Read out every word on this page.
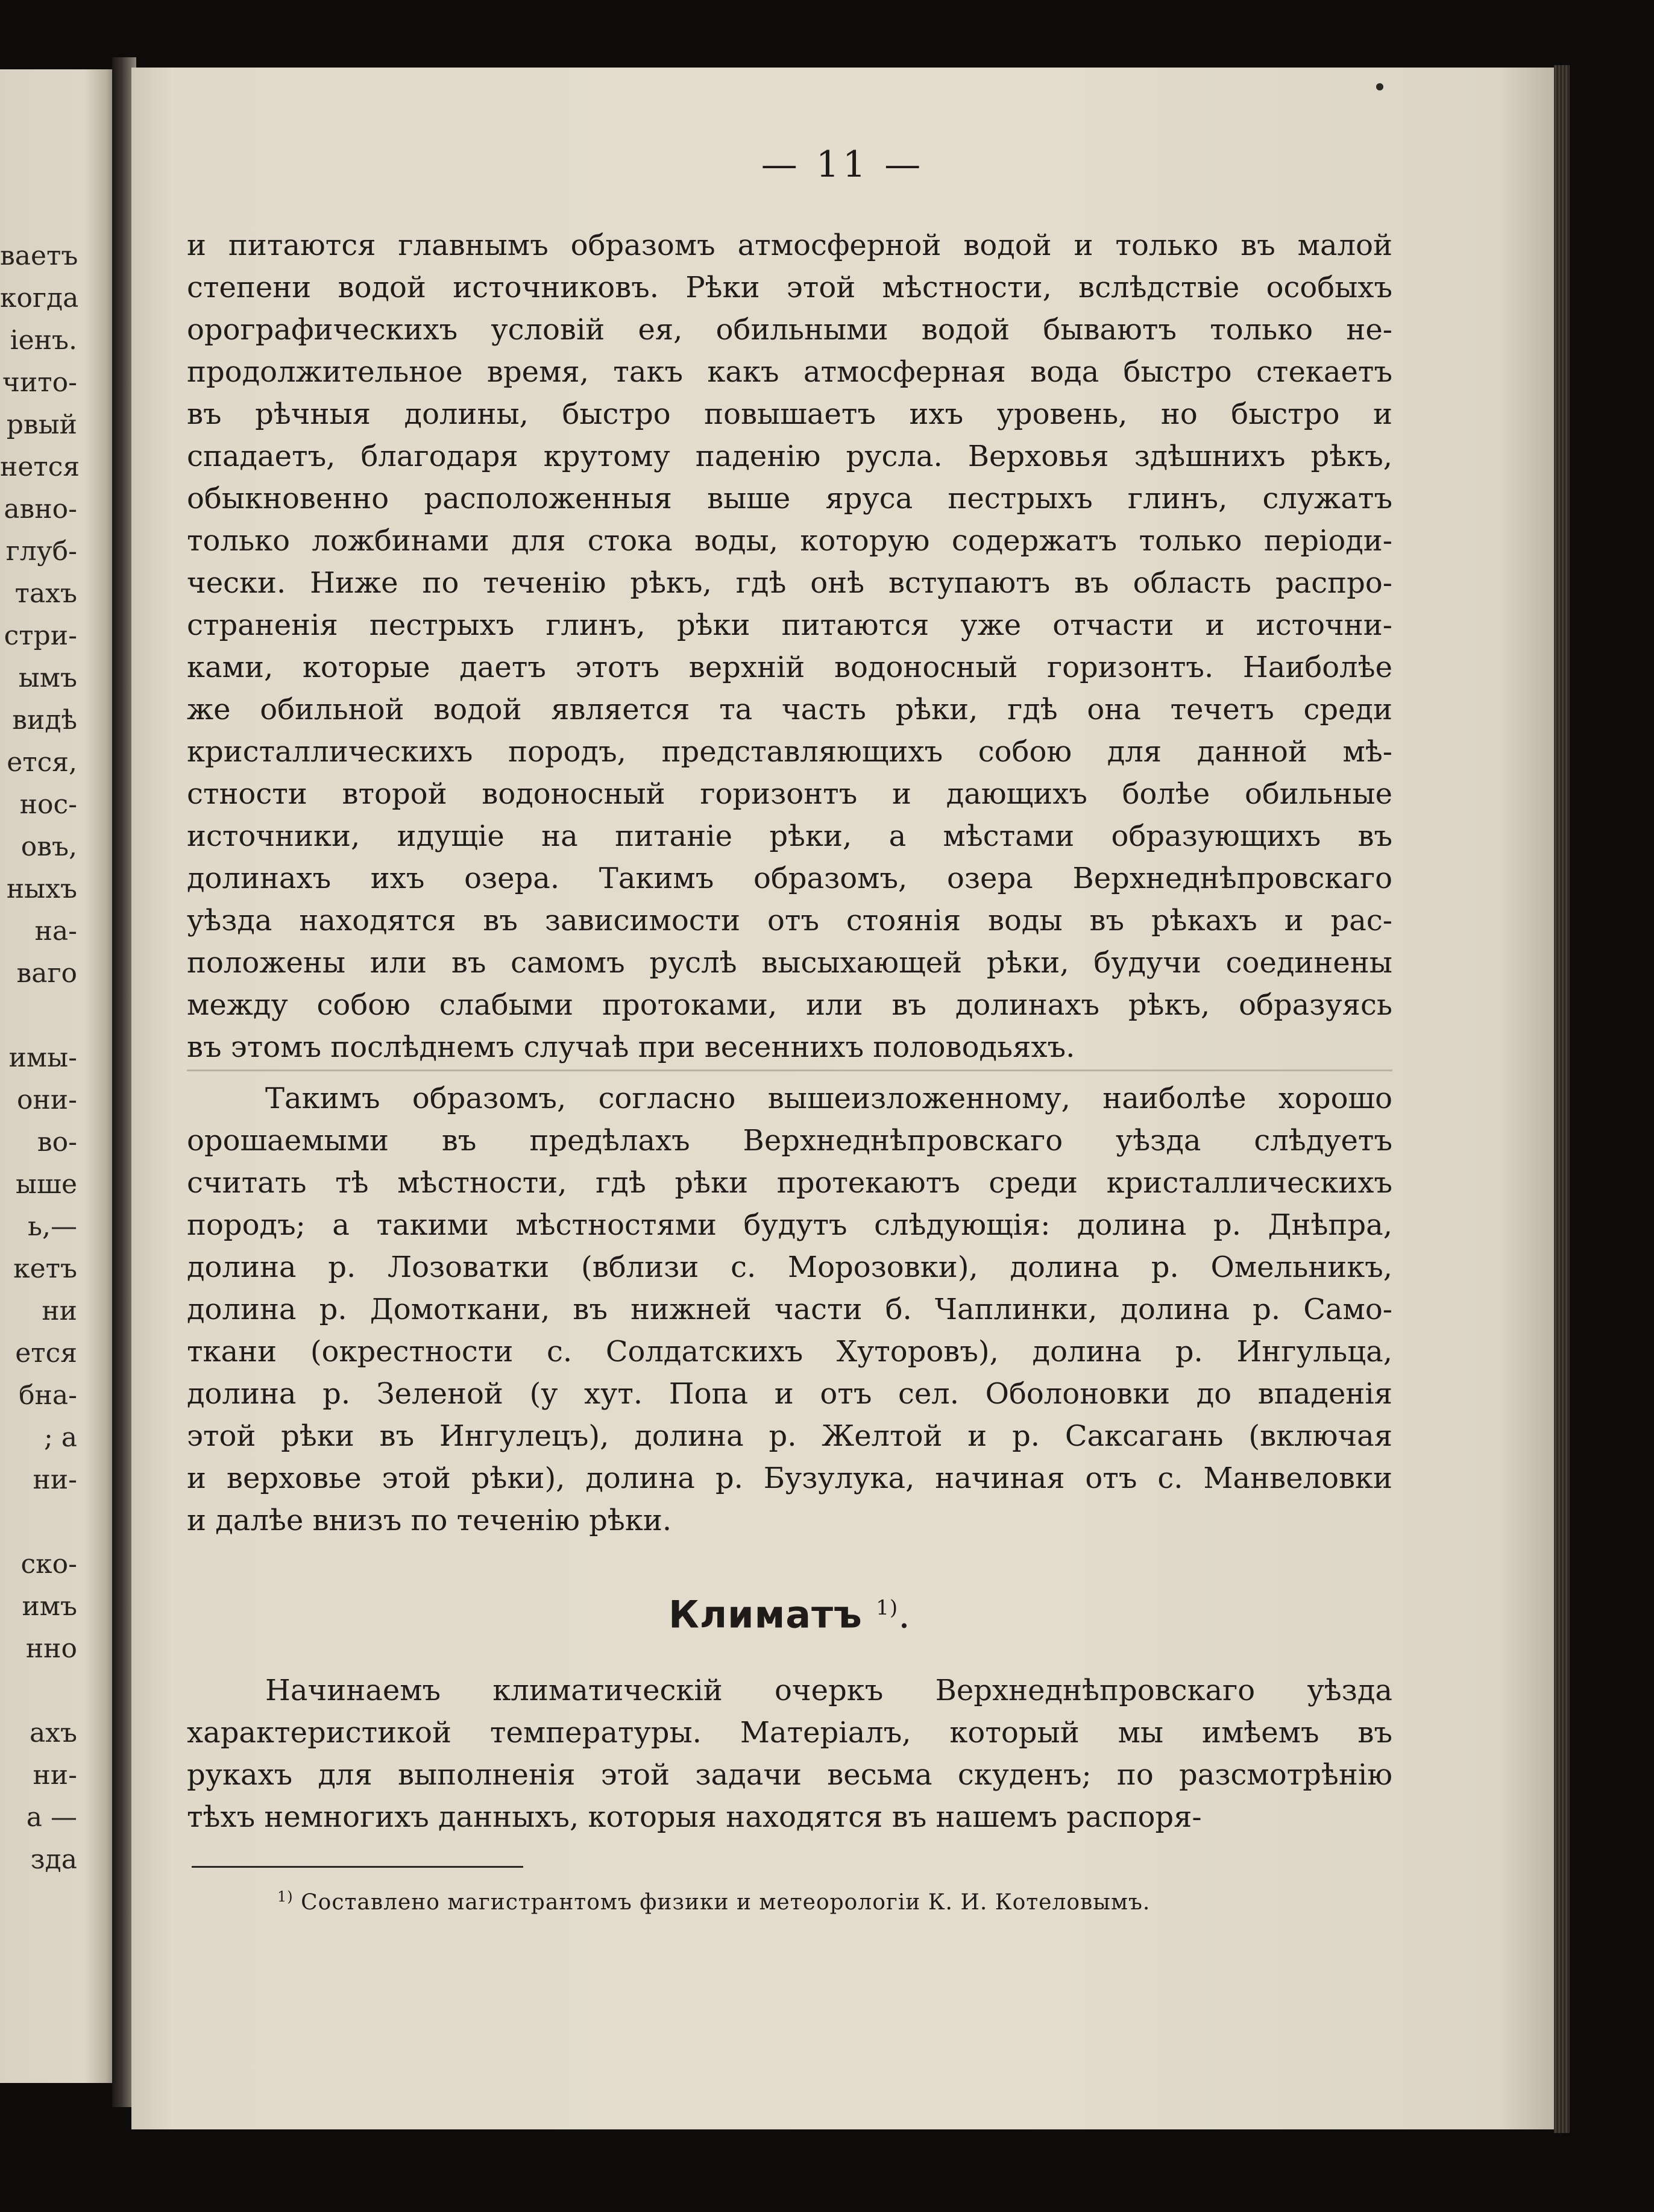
ваетъ
когда
іенъ.
чито-
рвый
нется
авно-
глуб-
тахъ
стри-
ымъ
видѣ
ется,
нос-
овъ,
ныхъ
на-
ваго
имы-
они-
во-
ыше
ь,—
кетъ
ни
ется
бна-
; а
ни-
ско-
имъ
нно
ахъ
ни-
а —
зда
— 11 —
и питаются главнымъ образомъ атмосферной водой и только въ малой
степени водой источниковъ. Рѣки этой мѣстности, вслѣдствіе особыхъ
орографическихъ условій ея, обильными водой бываютъ только не-
продолжительное время, такъ какъ атмосферная вода быстро стекаетъ
въ рѣчныя долины, быстро повышаетъ ихъ уровень, но быстро и
спадаетъ, благодаря крутому паденію русла. Верховья здѣшнихъ рѣкъ,
обыкновенно расположенныя выше яруса пестрыхъ глинъ, служатъ
только ложбинами для стока воды, которую содержатъ только періоди-
чески. Ниже по теченію рѣкъ, гдѣ онѣ вступаютъ въ область распро-
страненія пестрыхъ глинъ, рѣки питаются уже отчасти и источни-
ками, которые даетъ этотъ верхній водоносный горизонтъ. Наиболѣе
же обильной водой является та часть рѣки, гдѣ она течетъ среди
кристаллическихъ породъ, представляющихъ собою для данной мѣ-
стности второй водоносный горизонтъ и дающихъ болѣе обильные
источники, идущіе на питаніе рѣки, а мѣстами образующихъ въ
долинахъ ихъ озера. Такимъ образомъ, озера Верхнеднѣпровскаго
уѣзда находятся въ зависимости отъ стоянія воды въ рѣкахъ и рас-
положены или въ самомъ руслѣ высыхающей рѣки, будучи соединены
между собою слабыми протоками, или въ долинахъ рѣкъ, образуясь
въ этомъ послѣднемъ случаѣ при весеннихъ половодьяхъ.
Такимъ образомъ, согласно вышеизложенному, наиболѣе хорошо
орошаемыми въ предѣлахъ Верхнеднѣпровскаго уѣзда слѣдуетъ
считать тѣ мѣстности, гдѣ рѣки протекаютъ среди кристаллическихъ
породъ; а такими мѣстностями будутъ слѣдующія: долина р. Днѣпра,
долина р. Лозоватки (вблизи с. Морозовки), долина р. Омельникъ,
долина р. Домоткани, въ нижней части б. Чаплинки, долина р. Само-
ткани (окрестности с. Солдатскихъ Хуторовъ), долина р. Ингульца,
долина р. Зеленой (у хут. Попа и отъ сел. Оболоновки до впаденія
этой рѣки въ Ингулецъ), долина р. Желтой и р. Саксагань (включая
и верховье этой рѣки), долина р. Бузулука, начиная отъ с. Манвеловки
и далѣе внизъ по теченію рѣки.
Климатъ $^{1)}$.
Начинаемъ климатическій очеркъ Верхнеднѣпровскаго уѣзда
характеристикой температуры. Матеріалъ, который мы имѣемъ въ
рукахъ для выполненія этой задачи весьма скуденъ; по разсмотрѣнію
тѣхъ немногихъ данныхъ, которыя находятся въ нашемъ распоря-
$^{1)}$ Составлено магистрантомъ физики и метеорологіи К. И. Котеловымъ.
